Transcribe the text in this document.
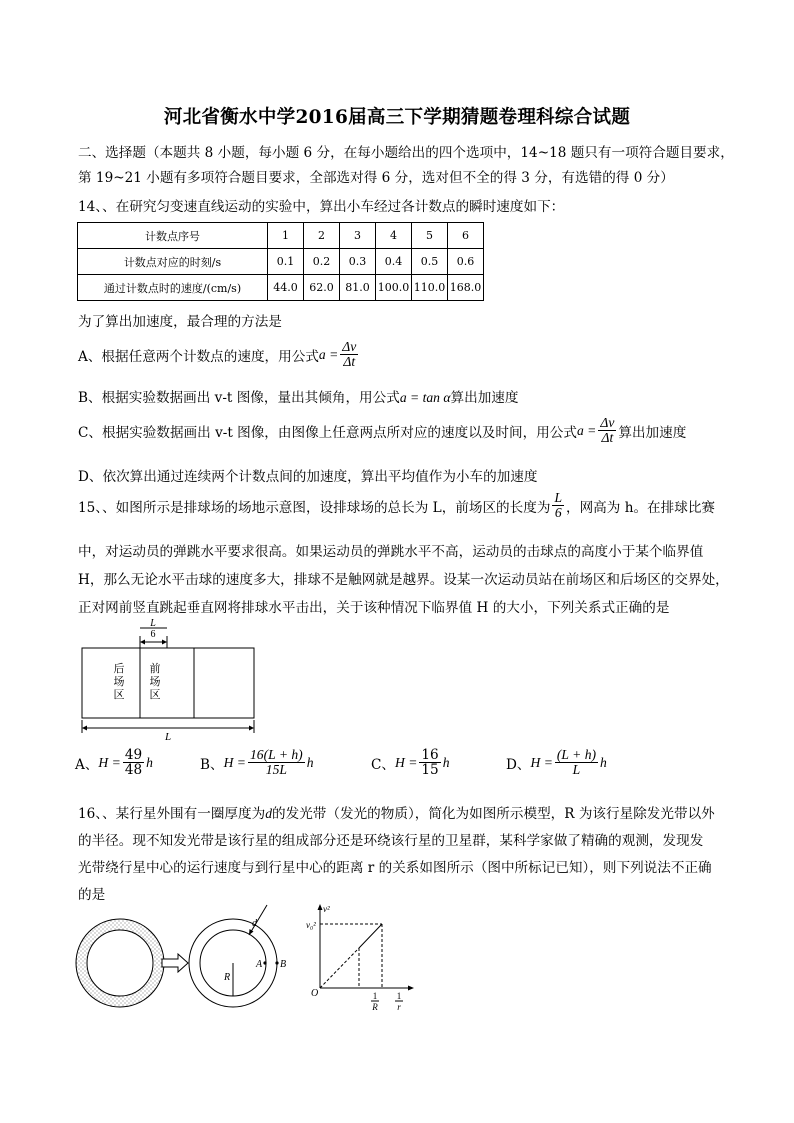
河北省衡水中学2016届高三下学期猜题卷理科综合试题
二、选择题（本题共 8 小题，每小题 6 分，在每小题给出的四个选项中，14~18 题只有一项符合题目要求，
第 19~21 小题有多项符合题目要求，全部选对得 6 分，选对但不全的得 3 分，有选错的得 0 分）
14、、在研究匀变速直线运动的实验中，算出小车经过各计数点的瞬时速度如下：
计数点序号	1	2	3	4	5	6
计数点对应的时刻/s	0.1	0.2	0.3	0.4	0.5	0.6
通过计数点时的速度/(cm/s)	44.0	62.0	81.0	100.0	110.0	168.0
为了算出加速度，最合理的方法是
A、根据任意两个计数点的速度，用公式 $a = \frac{\Delta v}{\Delta t}$
B、根据实验数据画出 v-t 图像，量出其倾角，用公式a = tan α算出加速度
C、根据实验数据画出 v-t 图像，由图像上任意两点所对应的速度以及时间，用公式 $a = \frac{\Delta v}{\Delta t}$ 算出加速度
D、依次算出通过连续两个计数点间的加速度，算出平均值作为小车的加速度
15、、如图所示是排球场的场地示意图，设排球场的总长为 L，前场区的长度为 $\frac{L}{6}$ ，网高为 h。在排球比赛
中，对运动员的弹跳水平要求很高。如果运动员的弹跳水平不高，运动员的击球点的高度小于某个临界值
H，那么无论水平击球的速度多大，排球不是触网就是越界。设某一次运动员站在前场区和后场区的交界处，
正对网前竖直跳起垂直网将排球水平击出，关于该种情况下临界值 H 的大小，下列关系式正确的是
L
6
后
场
区
前
场
区
L
A、 $H = \frac{49}{48}$ h	B、 $H = \frac{16(L + h)}{15L}$ h	C、 $H = \frac{16}{15}$ h	D、 $H = \frac{(L + h)}{L}$ h
16、、某行星外围有一圈厚度为d的发光带（发光的物质），简化为如图所示模型，R 为该行星除发光带以外
的半径。现不知发光带是该行星的组成部分还是环绕该行星的卫星群，某科学家做了精确的观测，发现发
光带绕行星中心的运行速度与到行星中心的距离 r 的关系如图所示（图中所标记已知），则下列说法不正确
的是
d
R
A B
v²
v₀²
O	1
R
1
r
